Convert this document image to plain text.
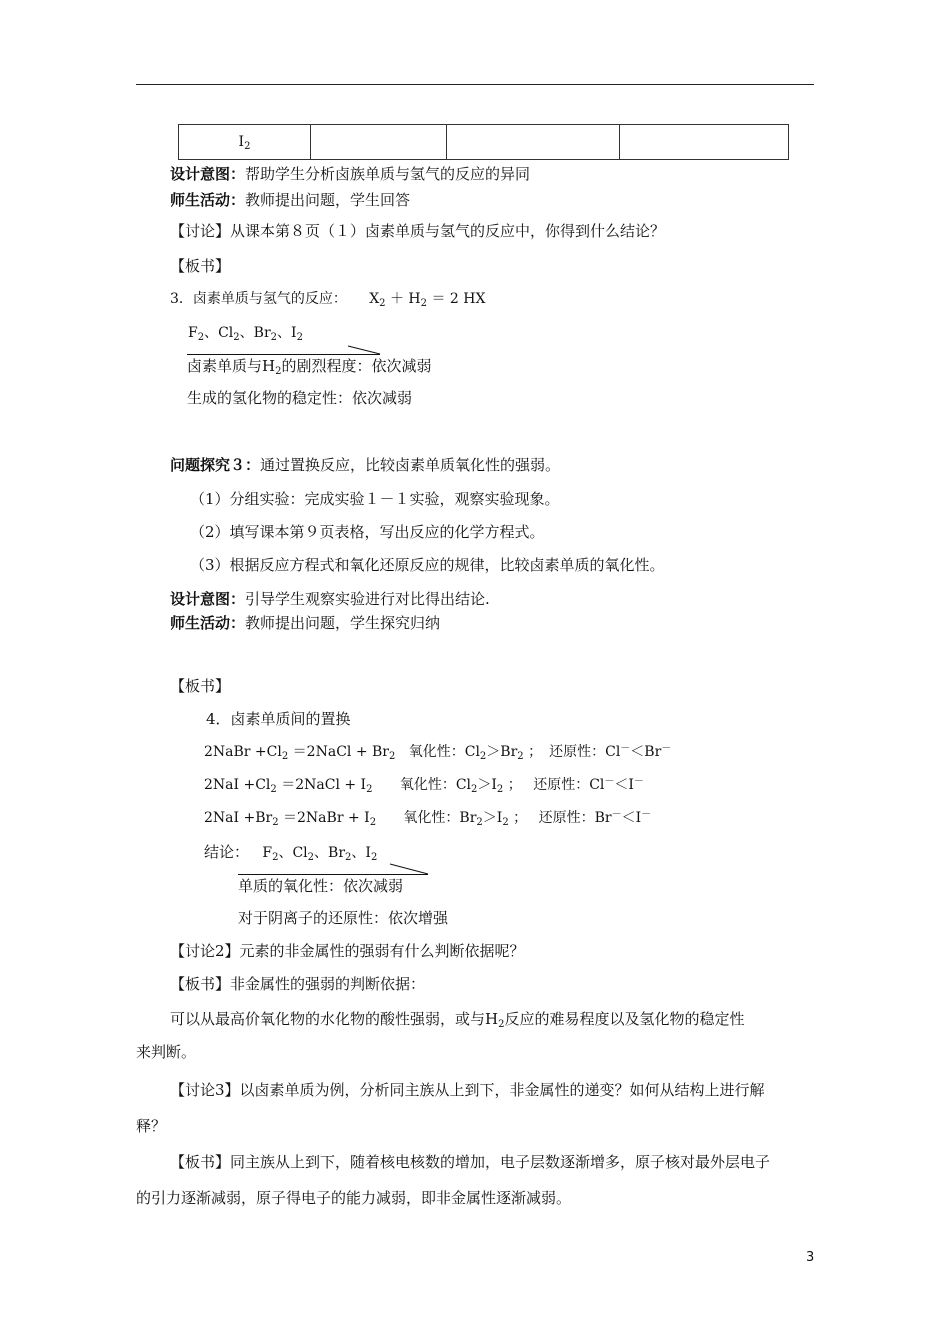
$I_2$			
设计意图：帮助学生分析卤族单质与氢气的反应的异同
师生活动：教师提出问题，学生回答
【讨论】从课本第８页（１）卤素单质与氢气的反应中，你得到什么结论？
【板书】
3．卤素单质与氢气的反应： $X_2 + H_2 = 2$ HX
$F_2$、$Cl_2$、$Br_2$、$I_2$
卤素单质与$H_2$的剧烈程度：依次减弱
生成的氢化物的稳定性：依次减弱
问题探究３：通过置换反应，比较卤素单质氧化性的强弱。
（1）分组实验：完成实验１－１实验，观察实验现象。
（2）填写课本第９页表格，写出反应的化学方程式。
（3）根据反应方程式和氧化还原反应的规律，比较卤素单质的氧化性。
设计意图：引导学生观察实验进行对比得出结论.
师生活动：教师提出问题，学生探究归纳
【板书】
4．卤素单质间的置换
2NaBr $+Cl_2$ ＝2NaCl + $Br_2$   氧化性：$Cl_2>Br_2$ ；　还原性：Cl－＜Br－
$2NaI +Cl_2$ ＝2NaCl + $I_2$  　 氧化性：$Cl_2>I_2$ ；　 还原性：Cl－＜I－
$2NaI +Br_2$ ＝2NaBr + $I_2$  　 氧化性：$Br_2>I_2$ ；　 还原性：Br－＜I－
结论： $F_2$、$Cl_2$、$Br_2$、$I_2$
单质的氧化性：依次减弱
对于阴离子的还原性：依次增强
【讨论2】元素的非金属性的强弱有什么判断依据呢？
【板书】非金属性的强弱的判断依据：
可以从最高价氧化物的水化物的酸性强弱，或与$H_2$反应的难易程度以及氢化物的稳定性
来判断。
【讨论3】以卤素单质为例，分析同主族从上到下，非金属性的递变？如何从结构上进行解
释？
【板书】同主族从上到下，随着核电核数的增加，电子层数逐渐增多，原子核对最外层电子
的引力逐渐减弱，原子得电子的能力减弱，即非金属性逐渐减弱。
3
